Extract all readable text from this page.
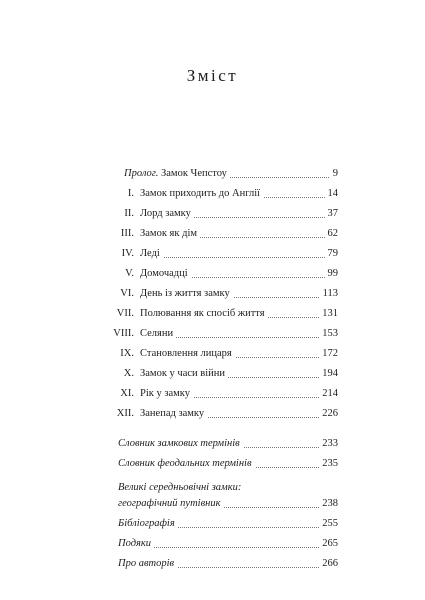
Зміст
Пролог. Замок Чепстоу	9
I. Замок приходить до Англії	14
II. Лорд замку	37
III. Замок як дім	62
IV. Леді	79
V. Домочадці	99
VI. День із життя замку	113
VII. Полювання як спосіб життя	131
VIII. Селяни	153
IX. Становлення лицаря	172
X. Замок у часи війни	194
XI. Рік у замку	214
XII. Занепад замку	226
Словник замкових термінів	233
Словник феодальних термінів	235
Великі середньовічні замки:
географічний путівник	238
Бібліографія	255
Подяки	265
Про авторів	266
